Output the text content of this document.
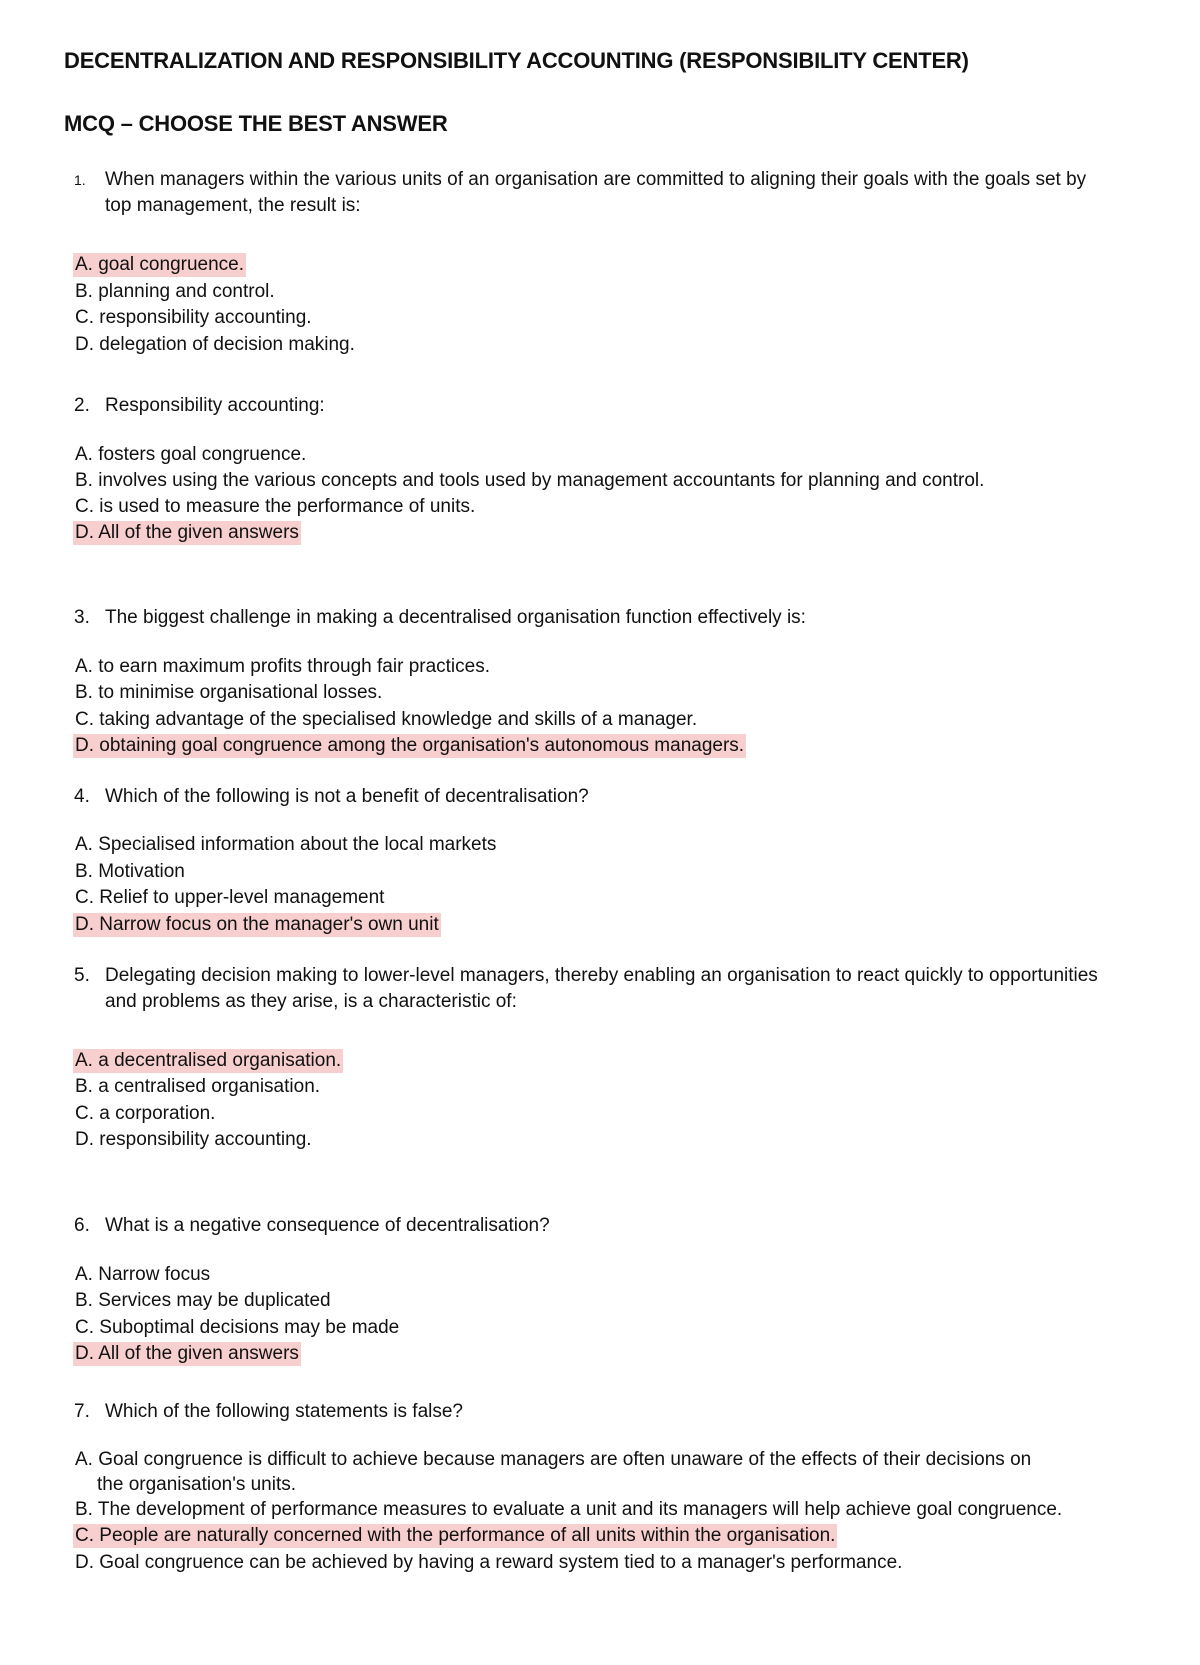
DECENTRALIZATION AND RESPONSIBILITY ACCOUNTING (RESPONSIBILITY CENTER)
MCQ – CHOOSE THE BEST ANSWER
1.	When managers within the various units of an organisation are committed to aligning their goals with the goals set by top management, the result is:
A. goal congruence.
B. planning and control.
C. responsibility accounting.
D. delegation of decision making.
2. Responsibility accounting:
A. fosters goal congruence.
B. involves using the various concepts and tools used by management accountants for planning and control.
C. is used to measure the performance of units.
D. All of the given answers
3. The biggest challenge in making a decentralised organisation function effectively is:
A. to earn maximum profits through fair practices.
B. to minimise organisational losses.
C. taking advantage of the specialised knowledge and skills of a manager.
D. obtaining goal congruence among the organisation's autonomous managers.
4. Which of the following is not a benefit of decentralisation?
A. Specialised information about the local markets
B. Motivation
C. Relief to upper-level management
D. Narrow focus on the manager's own unit
5. Delegating decision making to lower-level managers, thereby enabling an organisation to react quickly to opportunities and problems as they arise, is a characteristic of:
A. a decentralised organisation.
B. a centralised organisation.
C. a corporation.
D. responsibility accounting.
6. What is a negative consequence of decentralisation?
A. Narrow focus
B. Services may be duplicated
C. Suboptimal decisions may be made
D. All of the given answers
7. Which of the following statements is false?
A. Goal congruence is difficult to achieve because managers are often unaware of the effects of their decisions on
the organisation's units.
B. The development of performance measures to evaluate a unit and its managers will help achieve goal congruence.
C. People are naturally concerned with the performance of all units within the organisation.
D. Goal congruence can be achieved by having a reward system tied to a manager's performance.
